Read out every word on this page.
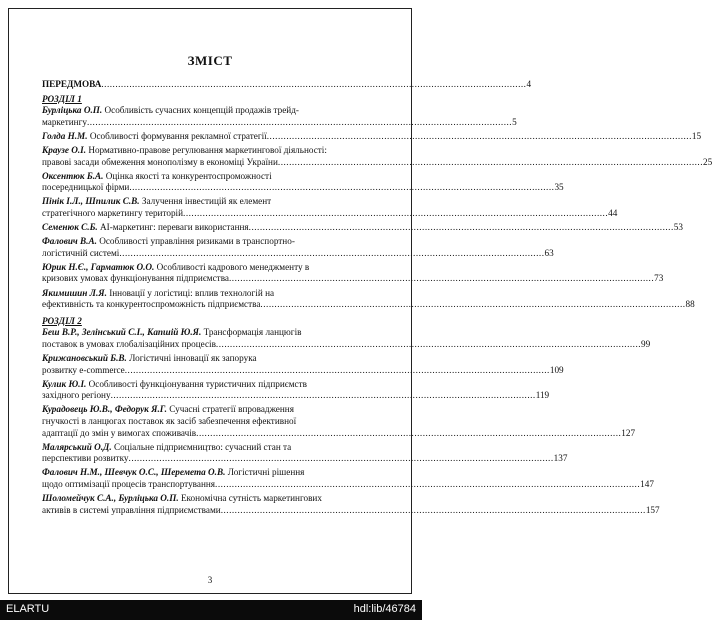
ЗМІСТ
ПЕРЕДМОВА .....	4
РОЗДІЛ 1
Бурліцька О.П. Особливість сучасних концепцій продажів трейд-
маркетингу .....	5
Голда Н.М. Особливості формування рекламної стратегії .....	15
Краузе О.І. Нормативно-правове регулювання маркетингової діяльності:
правові засади обмеження монополізму в економіці України .....	25
Оксентюк Б.А. Оцінка якості та конкурентоспроможності
посередницької фірми .....	35
Пінік І.Л., Шпилик С.В. Залучення інвестицій як елемент
стратегічного маркетингу територій .....	44
Семенюк С.Б. AI-маркетинг: переваги використання .....	53
Фалович В.А. Особливості управління ризиками в транспортно-
логістичній системі .....	63
Юрик Н.Є., Гарматюк О.О. Особливості кадрового менеджменту в
кризових умовах функціонування підприємства .....	73
Якимишин Л.Я. Інновації у логістиці: вплив технологій на
ефективність та конкурентоспроможність підприємства .....	88
РОЗДІЛ 2
Беш В.Р., Зелінський С.І., Капшій Ю.Я. Трансформація ланцюгів
поставок в умовах глобалізаційних процесів .....	99
Крижановський Б.В. Логістичні інновації як запорука
розвитку e-commerce .....	109
Кулик Ю.І. Особливості функціонування туристичних підприємств
західного регіону .....	119
Курадовець Ю.В., Федорук Я.Г. Сучасні стратегії впровадження
гнучкості в ланцюгах поставок як засіб забезпечення ефективної
адаптації до змін у вимогах споживачів .....	127
Малярський О.Д. Соціальне підприємництво: сучасний стан та
перспективи розвитку .....	137
Фалович Н.М., Шевчук О.С., Шеремета О.В. Логістичні рішення
щодо оптимізації процесів транспортування .....	147
Шоломейчук С.А., Бурліцька О.П. Економічна сутність маркетингових
активів в системі управління підприємствами .....	157
3
ELARTU	hdl:lib/46784
